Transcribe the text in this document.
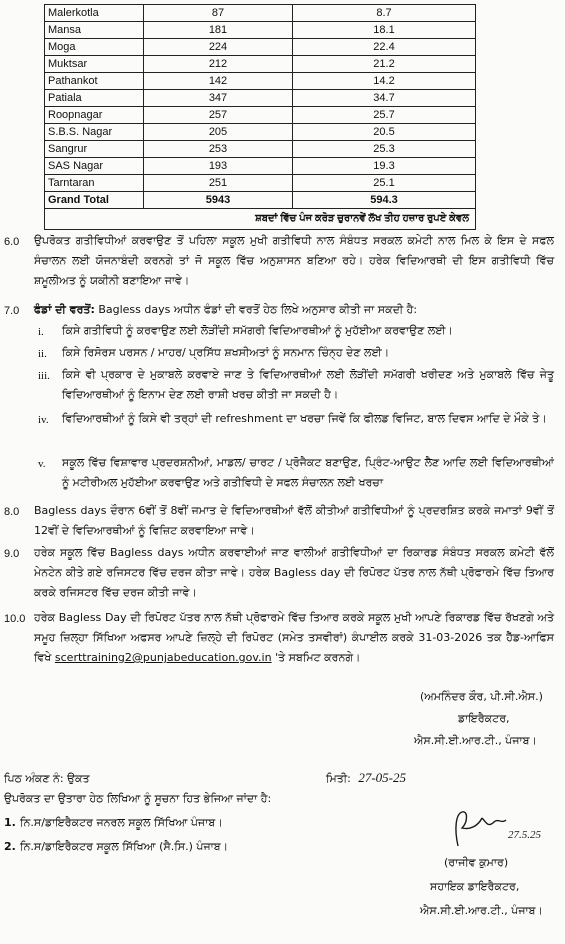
Malerkotla	87	8.7
Mansa	181	18.1
Moga	224	22.4
Muktsar	212	21.2
Pathankot	142	14.2
Patiala	347	34.7
Roopnagar	257	25.7
S.B.S. Nagar	205	20.5
Sangrur	253	25.3
SAS Nagar	193	19.3
Tarntaran	251	25.1
Grand Total	5943	594.3
ਸ਼ਬਦਾਂ ਵਿੱਚ ਪੰਜ ਕਰੋੜ ਚੁਰਾਨਵੇਂ ਲੱਖ ਤੀਹ ਹਜ਼ਾਰ ਰੁਪਏ ਕੇਵਲ		
6.0 ਉਪਰੋਕਤ ਗਤੀਵਿਧੀਆਂ ਕਰਵਾਉਣ ਤੋਂ ਪਹਿਲਾ ਸਕੂਲ ਮੁਖੀ ਗਤੀਵਿਧੀ ਨਾਲ ਸੰਬੰਧਤ ਸਰਕਲ ਕਮੇਟੀ ਨਾਲ ਮਿਲ ਕੇ ਇਸ ਦੇ ਸਫਲ ਸੰਚਾਲਨ ਲਈ ਯੋਜਨਾਬੰਦੀ ਕਰਨਗੇ ਤਾਂ ਜੋ ਸਕੂਲ ਵਿੱਚ ਅਨੁਸ਼ਾਸਨ ਬਣਿਆ ਰਹੇ। ਹਰੇਕ ਵਿਦਿਆਰਥੀ ਦੀ ਇਸ ਗਤੀਵਿਧੀ ਵਿੱਚ ਸ਼ਮੂਲੀਅਤ ਨੂੰ ਯਕੀਨੀ ਬਣਾਇਆ ਜਾਵੇ।
7.0 ਫੰਡਾਂ ਦੀ ਵਰਤੋਂ: Bagless days ਅਧੀਨ ਫੰਡਾਂ ਦੀ ਵਰਤੋਂ ਹੇਠ ਲਿਖੇ ਅਨੁਸਾਰ ਕੀਤੀ ਜਾ ਸਕਦੀ ਹੈ:
i. ਕਿਸੇ ਗਤੀਵਿਧੀ ਨੂੰ ਕਰਵਾਉਣ ਲਈ ਲੋੜੀਂਦੀ ਸਮੱਗਰੀ ਵਿਦਿਆਰਥੀਆਂ ਨੂੰ ਮੁਹੱਈਆ ਕਰਵਾਉਣ ਲਈ।
ii. ਕਿਸੇ ਰਿਸੋਰਸ ਪਰਸਨ / ਮਾਹਰ/ ਪ੍ਰਸਿੱਧ ਸ਼ਖਸੀਅਤਾਂ ਨੂੰ ਸਨਮਾਨ ਚਿੰਨ੍ਹ ਦੇਣ ਲਈ।
iii. ਕਿਸੇ ਵੀ ਪ੍ਰਕਾਰ ਦੇ ਮੁਕਾਬਲੇ ਕਰਵਾਏ ਜਾਣ ਤੇ ਵਿਦਿਆਰਥੀਆਂ ਲਈ ਲੋੜੀਂਦੀ ਸਮੱਗਰੀ ਖਰੀਦਣ ਅਤੇ ਮੁਕਾਬਲੇ ਵਿੱਚ ਜੇਤੂ ਵਿਦਿਆਰਥੀਆਂ ਨੂੰ ਇਨਾਮ ਦੇਣ ਲਈ ਰਾਸ਼ੀ ਖਰਚ ਕੀਤੀ ਜਾ ਸਕਦੀ ਹੈ।
iv. ਵਿਦਿਆਰਥੀਆਂ ਨੂੰ ਕਿਸੇ ਵੀ ਤਰ੍ਹਾਂ ਦੀ refreshment ਦਾ ਖਰਚਾ ਜਿਵੇਂ ਕਿ ਫੀਲਡ ਵਿਜਿਟ, ਬਾਲ ਦਿਵਸ ਆਦਿ ਦੇ ਮੌਕੇ ਤੇ।
v. ਸਕੂਲ ਵਿੱਚ ਵਿਸ਼ਾਵਾਰ ਪ੍ਰਦਰਸ਼ਨੀਆਂ, ਮਾਡਲ/ ਚਾਰਟ / ਪ੍ਰੋਜੈਕਟ ਬਣਾਉਣ, ਪ੍ਰਿੰਟ-ਆਉਟ ਲੈਣ ਆਦਿ ਲਈ ਵਿਦਿਆਰਥੀਆਂ ਨੂੰ ਮਟੀਰੀਅਲ ਮੁਹੱਈਆ ਕਰਵਾਉਣ ਅਤੇ ਗਤੀਵਿਧੀ ਦੇ ਸਫਲ ਸੰਚਾਲਨ ਲਈ ਖਰਚਾ
8.0 Bagless days ਦੌਰਾਨ 6ਵੀਂ ਤੋਂ 8ਵੀਂ ਜਮਾਤ ਦੇ ਵਿਦਿਆਰਥੀਆਂ ਵੱਲੋਂ ਕੀਤੀਆਂ ਗਤੀਵਿਧੀਆਂ ਨੂੰ ਪ੍ਰਦਰਸ਼ਿਤ ਕਰਕੇ ਜਮਾਤਾਂ 9ਵੀਂ ਤੋਂ 12ਵੀਂ ਦੇ ਵਿਦਿਆਰਥੀਆਂ ਨੂੰ ਵਿਜ਼ਿਟ ਕਰਵਾਇਆ ਜਾਵੇ।
9.0 ਹਰੇਕ ਸਕੂਲ ਵਿੱਚ Bagless days ਅਧੀਨ ਕਰਵਾਈਆਂ ਜਾਣ ਵਾਲੀਆਂ ਗਤੀਵਿਧੀਆਂ ਦਾ ਰਿਕਾਰਡ ਸੰਬੰਧਤ ਸਰਕਲ ਕਮੇਟੀ ਵੱਲੋਂ ਮੇਨਟੇਨ ਕੀਤੇ ਗਏ ਰਜਿਸਟਰ ਵਿੱਚ ਦਰਜ ਕੀਤਾ ਜਾਵੇ। ਹਰੇਕ Bagless day ਦੀ ਰਿਪੋਰਟ ਪੱਤਰ ਨਾਲ ਨੱਥੀ ਪ੍ਰੋਫਾਰਮੇ ਵਿੱਚ ਤਿਆਰ ਕਰਕੇ ਰਜਿਸਟਰ ਵਿੱਚ ਦਰਜ ਕੀਤੀ ਜਾਵੇ।
10.0 ਹਰੇਕ Bagless Day ਦੀ ਰਿਪੋਰਟ ਪੱਤਰ ਨਾਲ ਨੱਥੀ ਪ੍ਰੋਫਾਰਮੇ ਵਿੱਚ ਤਿਆਰ ਕਰਕੇ ਸਕੂਲ ਮੁਖੀ ਆਪਣੇ ਰਿਕਾਰਡ ਵਿੱਚ ਰੱਖਣਗੇ ਅਤੇ ਸਮੂਹ ਜ਼ਿਲ੍ਹਾ ਸਿੱਖਿਆ ਅਫਸਰ ਆਪਣੇ ਜ਼ਿਲ੍ਹੇ ਦੀ ਰਿਪੋਰਟ (ਸਮੇਤ ਤਸਵੀਰਾਂ) ਕੰਪਾਈਲ ਕਰਕੇ 31-03-2026 ਤਕ ਹੈੱਡ-ਆਫਿਸ ਵਿਖੇ scerttraining2@punjabeducation.gov.in 'ਤੇ ਸਬਮਿਟ ਕਰਨਗੇ।
(ਅਮਨਿੰਦਰ ਕੌਰ, ਪੀ.ਸੀ.ਐਸ.)
ਡਾਇਰੈਕਟਰ,
ਐਸ.ਸੀ.ਈ.ਆਰ.ਟੀ., ਪੰਜਾਬ।
ਪਿਠ ਅੰਕਣ ਨੰ: ਉਕਤ	ਮਿਤੀ: 27-05-25
ਉਪਰੋਕਤ ਦਾ ਉਤਾਰਾ ਹੇਠ ਲਿਖਿਆ ਨੂੰ ਸੂਚਨਾ ਹਿਤ ਭੇਜਿਆ ਜਾਂਦਾ ਹੈ:
1. ਨਿ.ਸ/ਡਾਇਰੈਕਟਰ ਜਨਰਲ ਸਕੂਲ ਸਿੱਖਿਆ ਪੰਜਾਬ।
2. ਨਿ.ਸ/ਡਾਇਰੈਕਟਰ ਸਕੂਲ ਸਿੱਖਿਆ (ਸੈ.ਸਿ.) ਪੰਜਾਬ।
27.5.25
(ਰਾਜੀਵ ਕੁਮਾਰ)
ਸਹਾਇਕ ਡਾਇਰੈਕਟਰ,
ਐਸ.ਸੀ.ਈ.ਆਰ.ਟੀ., ਪੰਜਾਬ।
